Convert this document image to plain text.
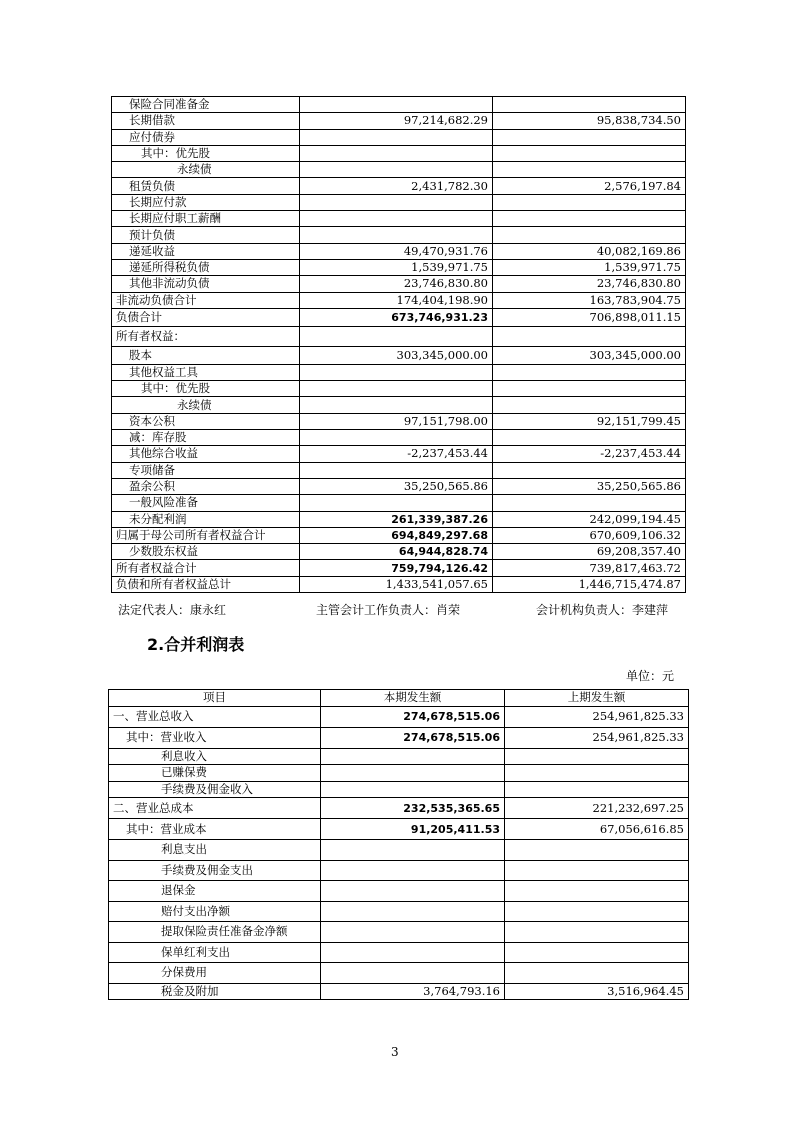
保险合同准备金		
长期借款	97,214,682.29	95,838,734.50
应付债券		
其中：优先股		
永续债		
租赁负债	2,431,782.30	2,576,197.84
长期应付款		
长期应付职工薪酬		
预计负债		
递延收益	49,470,931.76	40,082,169.86
递延所得税负债	1,539,971.75	1,539,971.75
其他非流动负债	23,746,830.80	23,746,830.80
非流动负债合计	174,404,198.90	163,783,904.75
负债合计	673,746,931.23	706,898,011.15
所有者权益：		
股本	303,345,000.00	303,345,000.00
其他权益工具		
其中：优先股		
永续债		
资本公积	97,151,798.00	92,151,799.45
减：库存股		
其他综合收益	-2,237,453.44	-2,237,453.44
专项储备		
盈余公积	35,250,565.86	35,250,565.86
一般风险准备		
未分配利润	261,339,387.26	242,099,194.45
归属于母公司所有者权益合计	694,849,297.68	670,609,106.32
少数股东权益	64,944,828.74	69,208,357.40
所有者权益合计	759,794,126.42	739,817,463.72
负债和所有者权益总计	1,433,541,057.65	1,446,715,474.87
法定代表人：康永红	主管会计工作负责人：肖荣	会计机构负责人：李建萍
2.合并利润表
单位：元
项目	本期发生额	上期发生额
一、营业总收入	274,678,515.06	254,961,825.33
其中：营业收入	274,678,515.06	254,961,825.33
利息收入		
已赚保费		
手续费及佣金收入		
二、营业总成本	232,535,365.65	221,232,697.25
其中：营业成本	91,205,411.53	67,056,616.85
利息支出		
手续费及佣金支出		
退保金		
赔付支出净额		
提取保险责任准备金净额		
保单红利支出		
分保费用		
税金及附加	3,764,793.16	3,516,964.45
3
